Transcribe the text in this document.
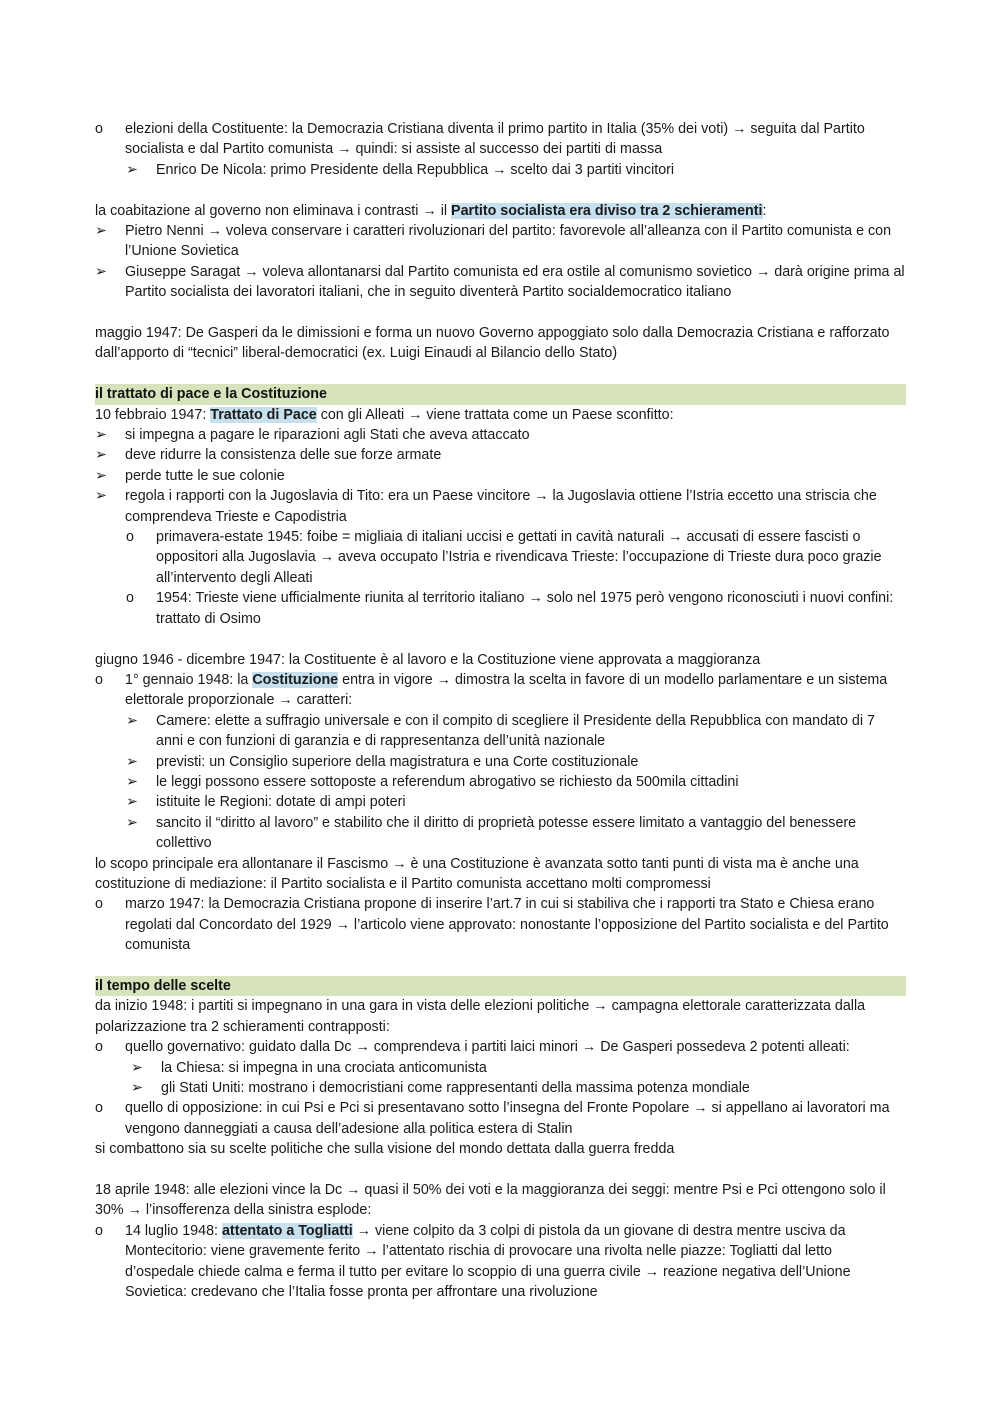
o	elezioni della Costituente: la Democrazia Cristiana diventa il primo partito in Italia (35% dei voti) → seguita dal Partito socialista e dal Partito comunista → quindi: si assiste al successo dei partiti di massa
➢ Enrico De Nicola: primo Presidente della Repubblica → scelto dai 3 partiti vincitori
la coabitazione al governo non eliminava i contrasti → il Partito socialista era diviso tra 2 schieramenti:
➢ Pietro Nenni → voleva conservare i caratteri rivoluzionari del partito: favorevole all’alleanza con il Partito comunista e con l’Unione Sovietica
➢ Giuseppe Saragat → voleva allontanarsi dal Partito comunista ed era ostile al comunismo sovietico → darà origine prima al Partito socialista dei lavoratori italiani, che in seguito diventerà Partito socialdemocratico italiano
maggio 1947: De Gasperi da le dimissioni e forma un nuovo Governo appoggiato solo dalla Democrazia Cristiana e rafforzato dall’apporto di “tecnici” liberal-democratici (ex. Luigi Einaudi al Bilancio dello Stato)
il trattato di pace e la Costituzione
10 febbraio 1947: Trattato di Pace con gli Alleati → viene trattata come un Paese sconfitto:
➢ si impegna a pagare le riparazioni agli Stati che aveva attaccato
➢ deve ridurre la consistenza delle sue forze armate
➢ perde tutte le sue colonie
➢ regola i rapporti con la Jugoslavia di Tito: era un Paese vincitore → la Jugoslavia ottiene l’Istria eccetto una striscia che comprendeva Trieste e Capodistria
o	primavera-estate 1945: foibe = migliaia di italiani uccisi e gettati in cavità naturali → accusati di essere fascisti o oppositori alla Jugoslavia → aveva occupato l’Istria e rivendicava Trieste: l’occupazione di Trieste dura poco grazie all’intervento degli Alleati
o	1954: Trieste viene ufficialmente riunita al territorio italiano → solo nel 1975 però vengono riconosciuti i nuovi confini: trattato di Osimo
giugno 1946 - dicembre 1947: la Costituente è al lavoro e la Costituzione viene approvata a maggioranza
o	1° gennaio 1948: la Costituzione entra in vigore → dimostra la scelta in favore di un modello parlamentare e un sistema elettorale proporzionale → caratteri:
➢ Camere: elette a suffragio universale e con il compito di scegliere il Presidente della Repubblica con mandato di 7 anni e con funzioni di garanzia e di rappresentanza dell’unità nazionale
➢ previsti: un Consiglio superiore della magistratura e una Corte costituzionale
➢ le leggi possono essere sottoposte a referendum abrogativo se richiesto da 500mila cittadini
➢ istituite le Regioni: dotate di ampi poteri
➢ sancito il “diritto al lavoro” e stabilito che il diritto di proprietà potesse essere limitato a vantaggio del benessere collettivo
lo scopo principale era allontanare il Fascismo → è una Costituzione è avanzata sotto tanti punti di vista ma è anche una costituzione di mediazione: il Partito socialista e il Partito comunista accettano molti compromessi
o	marzo 1947: la Democrazia Cristiana propone di inserire l’art.7 in cui si stabiliva che i rapporti tra Stato e Chiesa erano regolati dal Concordato del 1929 → l’articolo viene approvato: nonostante l’opposizione del Partito socialista e del Partito comunista
il tempo delle scelte
da inizio 1948: i partiti si impegnano in una gara in vista delle elezioni politiche → campagna elettorale caratterizzata dalla polarizzazione tra 2 schieramenti contrapposti:
o	quello governativo: guidato dalla Dc → comprendeva i partiti laici minori → De Gasperi possedeva 2 potenti alleati:
➢ la Chiesa: si impegna in una crociata anticomunista
➢ gli Stati Uniti: mostrano i democristiani come rappresentanti della massima potenza mondiale
o	quello di opposizione: in cui Psi e Pci si presentavano sotto l’insegna del Fronte Popolare → si appellano ai lavoratori ma vengono danneggiati a causa dell’adesione alla politica estera di Stalin
si combattono sia su scelte politiche che sulla visione del mondo dettata dalla guerra fredda
18 aprile 1948: alle elezioni vince la Dc → quasi il 50% dei voti e la maggioranza dei seggi: mentre Psi e Pci ottengono solo il 30% → l’insofferenza della sinistra esplode:
o	14 luglio 1948: attentato a Togliatti → viene colpito da 3 colpi di pistola da un giovane di destra mentre usciva da Montecitorio: viene gravemente ferito → l’attentato rischia di provocare una rivolta nelle piazze: Togliatti dal letto d’ospedale chiede calma e ferma il tutto per evitare lo scoppio di una guerra civile → reazione negativa dell’Unione Sovietica: credevano che l’Italia fosse pronta per affrontare una rivoluzione
